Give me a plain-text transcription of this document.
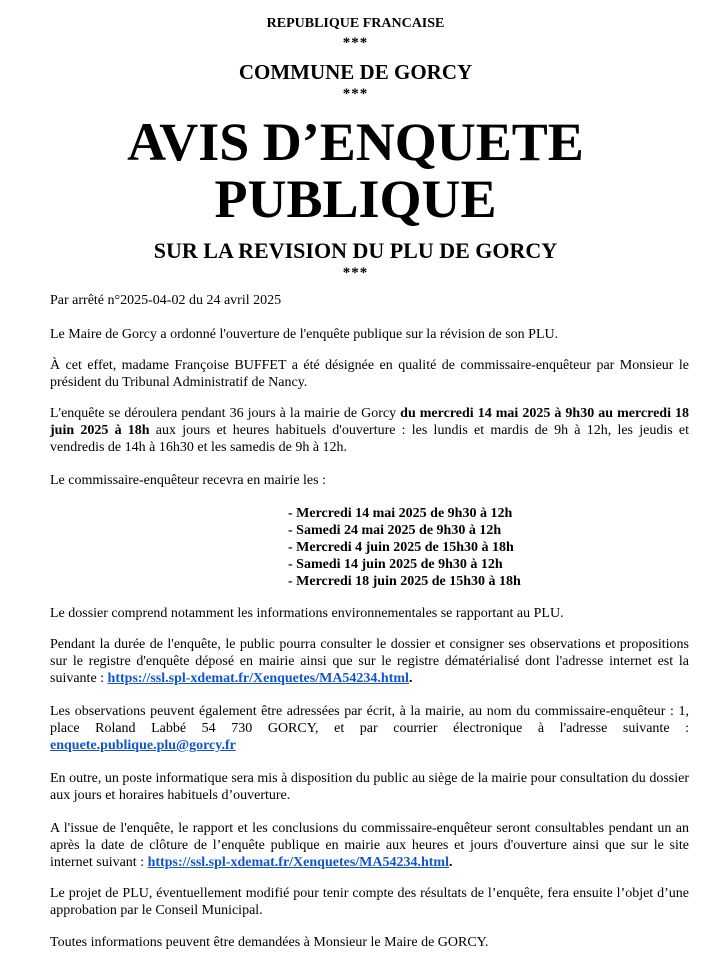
REPUBLIQUE FRANCAISE
***
COMMUNE DE GORCY
***
AVIS D’ENQUETE
PUBLIQUE
SUR LA REVISION DU PLU DE GORCY
***
Par arrêté n°2025-04-02 du 24 avril 2025
Le Maire de Gorcy a ordonné l'ouverture de l'enquête publique sur la révision de son PLU.
À cet effet, madame Françoise BUFFET a été désignée en qualité de commissaire-enquêteur par Monsieur le président du Tribunal Administratif de Nancy.
L'enquête se déroulera pendant 36 jours à la mairie de Gorcy du mercredi 14 mai 2025 à 9h30 au mercredi 18 juin 2025 à 18h aux jours et heures habituels d'ouverture : les lundis et mardis de 9h à 12h, les jeudis et vendredis de 14h à 16h30 et les samedis de 9h à 12h.
Le commissaire-enquêteur recevra en mairie les :
- Mercredi 14 mai 2025 de 9h30 à 12h
- Samedi 24 mai 2025 de 9h30 à 12h
- Mercredi 4 juin 2025 de 15h30 à 18h
- Samedi 14 juin 2025 de 9h30 à 12h
- Mercredi 18 juin 2025 de 15h30 à 18h
Le dossier comprend notamment les informations environnementales se rapportant au PLU.
Pendant la durée de l'enquête, le public pourra consulter le dossier et consigner ses observations et propositions sur le registre d'enquête déposé en mairie ainsi que sur le registre dématérialisé dont l'adresse internet est la suivante : https://ssl.spl-xdemat.fr/Xenquetes/MA54234.html.
Les observations peuvent également être adressées par écrit, à la mairie, au nom du commissaire-enquêteur : 1, place Roland Labbé 54 730 GORCY, et par courrier électronique à l'adresse suivante : enquete.publique.plu@gorcy.fr
En outre, un poste informatique sera mis à disposition du public au siège de la mairie pour consultation du dossier aux jours et horaires habituels d’ouverture.
A l'issue de l'enquête, le rapport et les conclusions du commissaire-enquêteur seront consultables pendant un an après la date de clôture de l’enquête publique en mairie aux heures et jours d'ouverture ainsi que sur le site internet suivant : https://ssl.spl-xdemat.fr/Xenquetes/MA54234.html.
Le projet de PLU, éventuellement modifié pour tenir compte des résultats de l’enquête, fera ensuite l’objet d’une approbation par le Conseil Municipal.
Toutes informations peuvent être demandées à Monsieur le Maire de GORCY.
